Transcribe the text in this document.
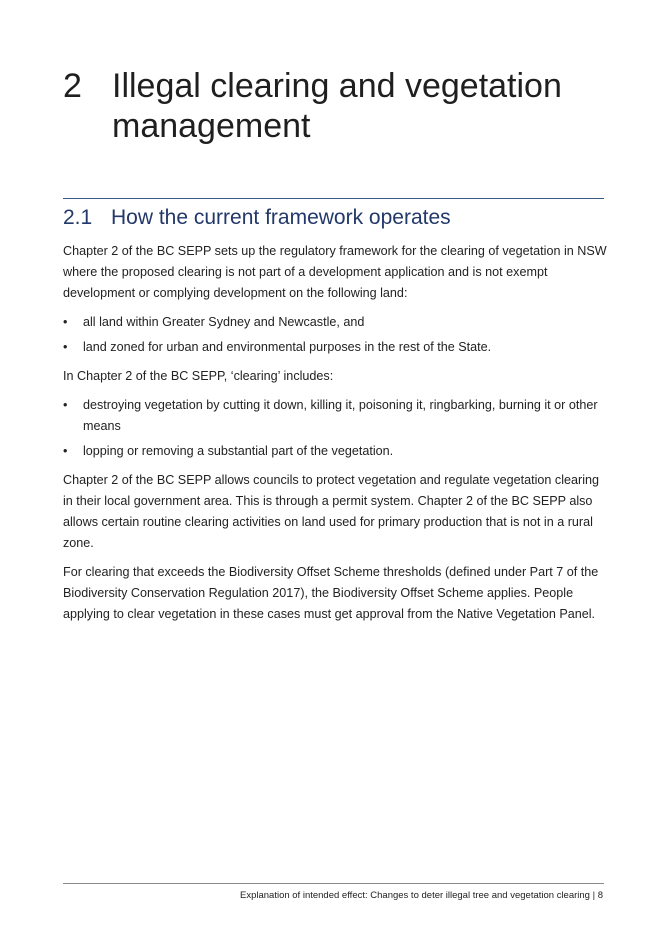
2 Illegal clearing and vegetation management
2.1 How the current framework operates

Chapter 2 of the BC SEPP sets up the regulatory framework for the clearing of vegetation in NSW where the proposed clearing is not part of a development application and is not exempt development or complying development on the following land:

•	all land within Greater Sydney and Newcastle, and
•	land zoned for urban and environmental purposes in the rest of the State.

In Chapter 2 of the BC SEPP, ‘clearing’ includes:

•	destroying vegetation by cutting it down, killing it, poisoning it, ringbarking, burning it or other means
•	lopping or removing a substantial part of the vegetation.

Chapter 2 of the BC SEPP allows councils to protect vegetation and regulate vegetation clearing in their local government area. This is through a permit system. Chapter 2 of the BC SEPP also allows certain routine clearing activities on land used for primary production that is not in a rural zone.

For clearing that exceeds the Biodiversity Offset Scheme thresholds (defined under Part 7 of the Biodiversity Conservation Regulation 2017), the Biodiversity Offset Scheme applies. People applying to clear vegetation in these cases must get approval from the Native Vegetation Panel.

Explanation of intended effect: Changes to deter illegal tree and vegetation clearing | 8
